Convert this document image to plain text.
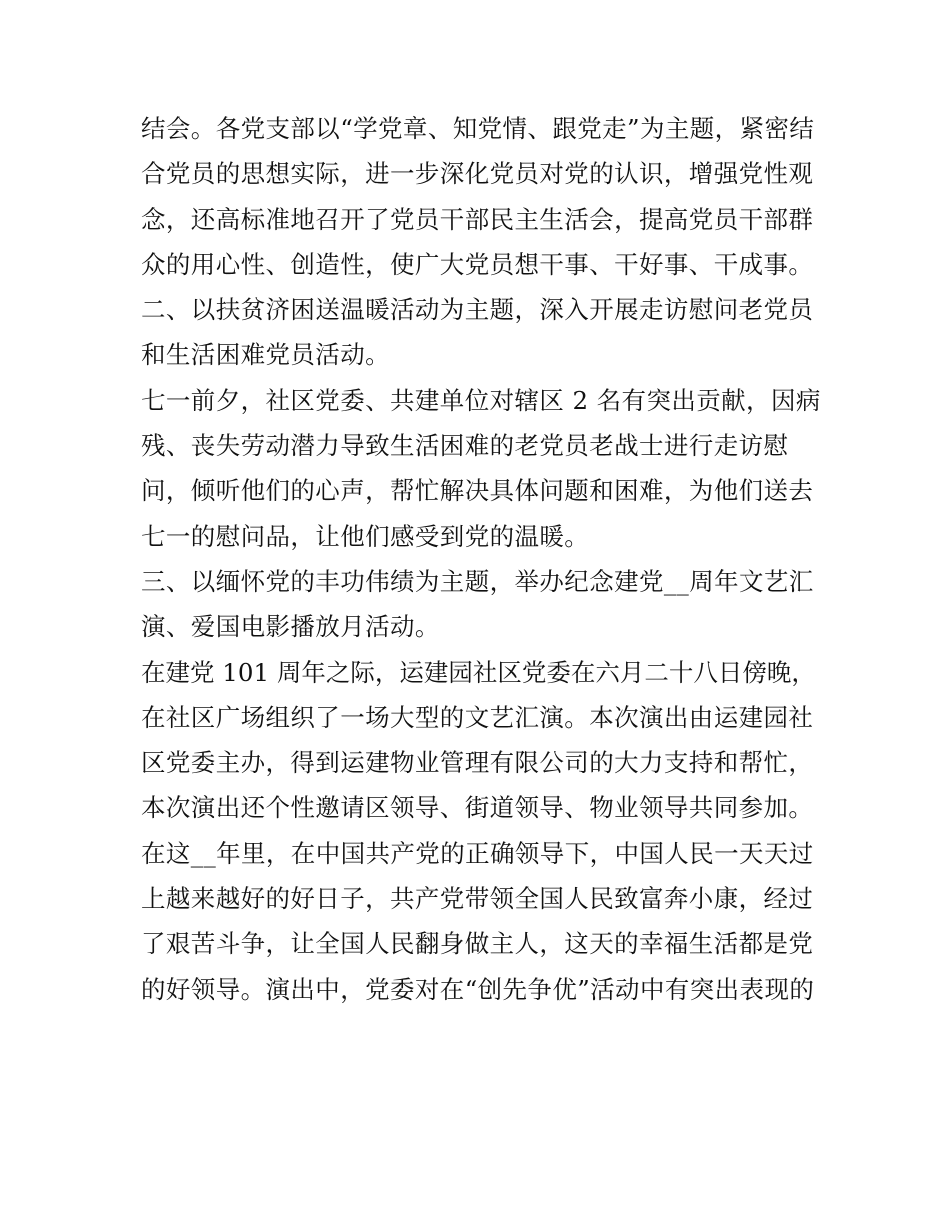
结会。各党支部以“学党章、知党情、跟党走”为主题，紧密结
合党员的思想实际，进一步深化党员对党的认识，增强党性观
念，还高标准地召开了党员干部民主生活会，提高党员干部群
众的用心性、创造性，使广大党员想干事、干好事、干成事。
二、以扶贫济困送温暖活动为主题，深入开展走访慰问老党员
和生活困难党员活动。
七一前夕，社区党委、共建单位对辖区 2 名有突出贡献，因病
残、丧失劳动潜力导致生活困难的老党员老战士进行走访慰
问，倾听他们的心声，帮忙解决具体问题和困难，为他们送去
七一的慰问品，让他们感受到党的温暖。
三、以缅怀党的丰功伟绩为主题，举办纪念建党__周年文艺汇
演、爱国电影播放月活动。
在建党 101 周年之际，运建园社区党委在六月二十八日傍晚，
在社区广场组织了一场大型的文艺汇演。本次演出由运建园社
区党委主办，得到运建物业管理有限公司的大力支持和帮忙，
本次演出还个性邀请区领导、街道领导、物业领导共同参加。
在这__年里，在中国共产党的正确领导下，中国人民一天天过
上越来越好的好日子，共产党带领全国人民致富奔小康，经过
了艰苦斗争，让全国人民翻身做主人，这天的幸福生活都是党
的好领导。演出中，党委对在“创先争优”活动中有突出表现的
